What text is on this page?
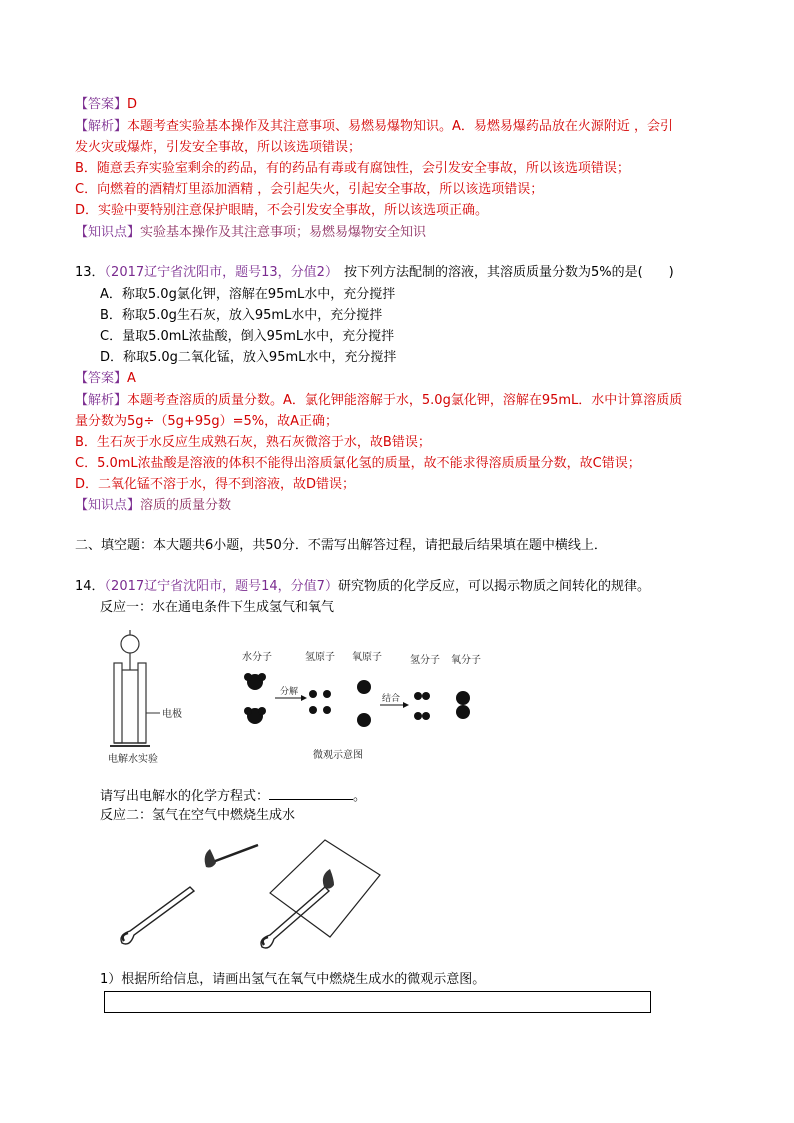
【答案】D
【解析】本题考查实验基本操作及其注意事项、易燃易爆物知识。A．易燃易爆药品放在火源附近 ，会引
发火灾或爆炸，引发安全事故，所以该选项错误；
B．随意丢弃实验室剩余的药品，有的药品有毒或有腐蚀性，会引发安全事故，所以该选项错误；
C．向燃着的酒精灯里添加酒精 ，会引起失火，引起安全事故，所以该选项错误；
D．实验中要特别注意保护眼睛，不会引发安全事故，所以该选项正确。
【知识点】实验基本操作及其注意事项；易燃易爆物安全知识
13．（2017辽宁省沈阳市，题号13，分值2） 按下列方法配制的溶液，其溶质质量分数为5%的是(　　)
A．称取5.0g氯化钾，溶解在95mL水中，充分搅拌
B．称取5.0g生石灰，放入95mL水中，充分搅拌
C．量取5.0mL浓盐酸，倒入95mL水中，充分搅拌
D．称取5.0g二氧化锰，放入95mL水中，充分搅拌
【答案】A
【解析】本题考查溶质的质量分数。A．氯化钾能溶解于水，5.0g氯化钾，溶解在95mL．水中计算溶质质
量分数为5g÷（5g+95g）=5%，故A正确；
B．生石灰于水反应生成熟石灰，熟石灰微溶于水，故B错误；
C．5.0mL浓盐酸是溶液的体积不能得出溶质氯化氢的质量，故不能求得溶质质量分数，故C错误；
D．二氧化锰不溶于水，得不到溶液，故D错误；
【知识点】溶质的质量分数
二、填空题：本大题共6小题，共50分．不需写出解答过程，请把最后结果填在题中横线上．
14．（2017辽宁省沈阳市，题号14，分值7）研究物质的化学反应，可以揭示物质之间转化的规律。
反应一：水在通电条件下生成氢气和氧气
电极
电解水实验
水分子	氢原子 氧原子
分解
结合
氢分子 氧分子
微观示意图
请写出电解水的化学方程式：	。
反应二：氢气在空气中燃烧生成水
1）根据所给信息，请画出氢气在氧气中燃烧生成水的微观示意图。
